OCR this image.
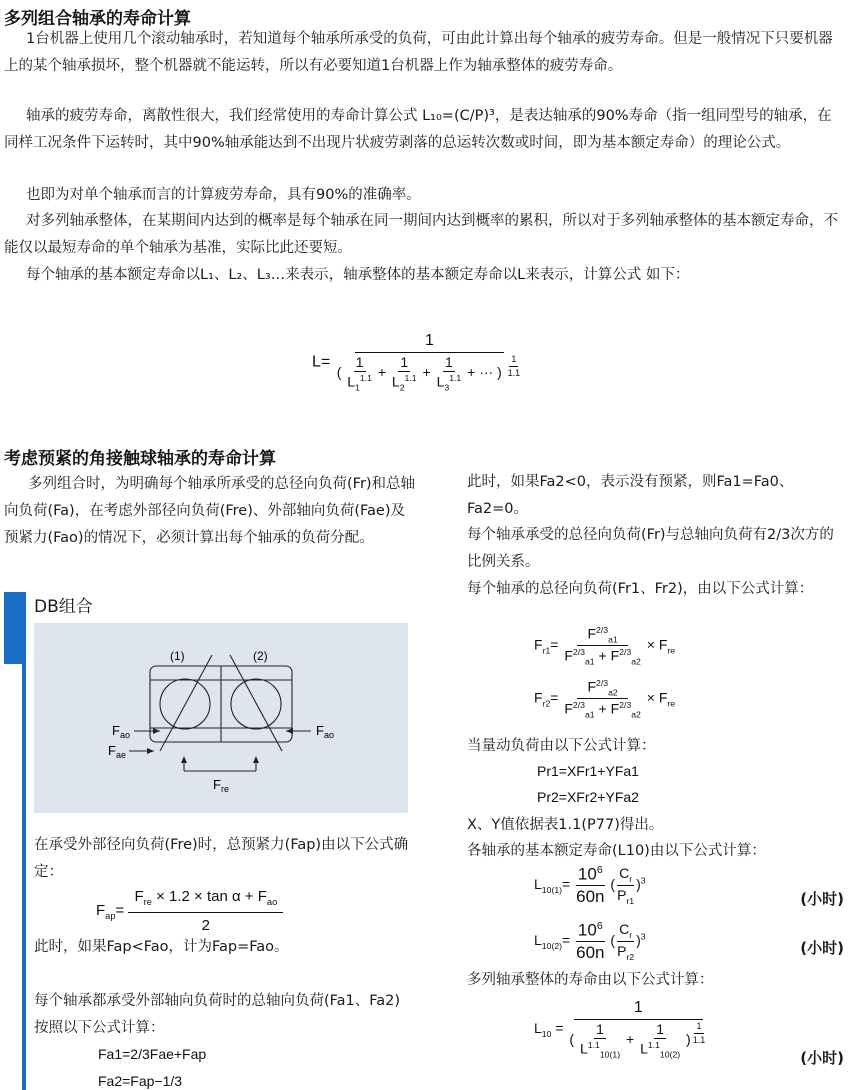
多列组合轴承的寿命计算

1台机器上使用几个滚动轴承时，若知道每个轴承所承受的负荷，可由此计算出每个轴承的疲劳寿命。但是一般情况下只要机器上的某个轴承损坏，整个机器就不能运转，所以有必要知道1台机器上作为轴承整体的疲劳寿命。

轴承的疲劳寿命，离散性很大，我们经常使用的寿命计算公式 L₁₀=(C/P)³，是表达轴承的90%寿命（指一组同型号的轴承，在同样工况条件下运转时，其中90%轴承能达到不出现片状疲劳剥落的总运转次数或时间，即为基本额定寿命）的理论公式。

也即为对单个轴承而言的计算疲劳寿命，具有90%的准确率。

对多列轴承整体，在某期间内达到的概率是每个轴承在同一期间内达到概率的累积，所以对于多列轴承整体的基本额定寿命，不能仅以最短寿命的单个轴承为基准，实际比此还要短。

每个轴承的基本额定寿命以L₁、L₂、L₃…来表示，轴承整体的基本额定寿命以L来表示，计算公式 如下：

L=
1
( $\frac{1}{L_1^{1.1}} + \frac{1}{L_2^{1.1}} + \frac{1}{L_3^{1.1}}$ + ··· ) $\frac{1}{1.1}$
考虑预紧的角接触球轴承的寿命计算

多列组合时，为明确每个轴承所承受的总径向负荷(Fr)和总轴向负荷(Fa)，在考虑外部径向负荷(Fre)、外部轴向负荷(Fae)及预紧力(Fao)的情况下，必须计算出每个轴承的负荷分配。

DB组合
(1)	(2)
$F_{ao}$
$F_{ae}$
$F_{ao}$
$F_{re}$

在承受外部径向负荷(Fre)时，总预紧力(Fap)由以下公式确定：

$F_{ap}= \frac{F_{re} \times 1.2 \times \tan \alpha + F_{ao}}{2}$

此时，如果Fap<Fao，计为Fap=Fao。

每个轴承都承受外部轴向负荷时的总轴向负荷(Fa1、Fa2)按照以下公式计算：

Fa1=2/3Fae+Fap
Fa2=Fap−1/3

此时，如果Fa2<0，表示没有预紧，则Fa1=Fa0、Fa2=0。

每个轴承承受的总径向负荷(Fr)与总轴向负荷有2/3次方的比例关系。

每个轴承的总径向负荷(Fr1、Fr2)，由以下公式计算：

$F_{r1}= \frac{F^{2/3}_{a1}}{F^{2/3}_{a1} + F^{2/3}_{a2}} \times F_{re}$
$F_{r2}= \frac{F^{2/3}_{a2}}{F^{2/3}_{a1} + F^{2/3}_{a2}} \times F_{re}$

当量动负荷由以下公式计算：

Pr1=XFr1+YFa1
Pr2=XFr2+YFa2

X、Y值依据表1.1(P77)得出。

各轴承的基本额定寿命(L10)由以下公式计算：

$L_{10(1)}= \frac{10^6}{60n}$ ( $\frac{C_r}{P_{r1}} )^3$
(小时)
$L_{10(2)}= \frac{10^6}{60n}$ ( $\frac{C_r}{P_{r2}} )^3$
(小时)

多列轴承整体的寿命由以下公式计算：

$L_{10} = \frac{1}{( \frac{1}{L^{1.1}_{10(1)}} + \frac{1}{L^{1.1}_{10(2)}} ) \frac{1}{1.1}}$	(小时)
